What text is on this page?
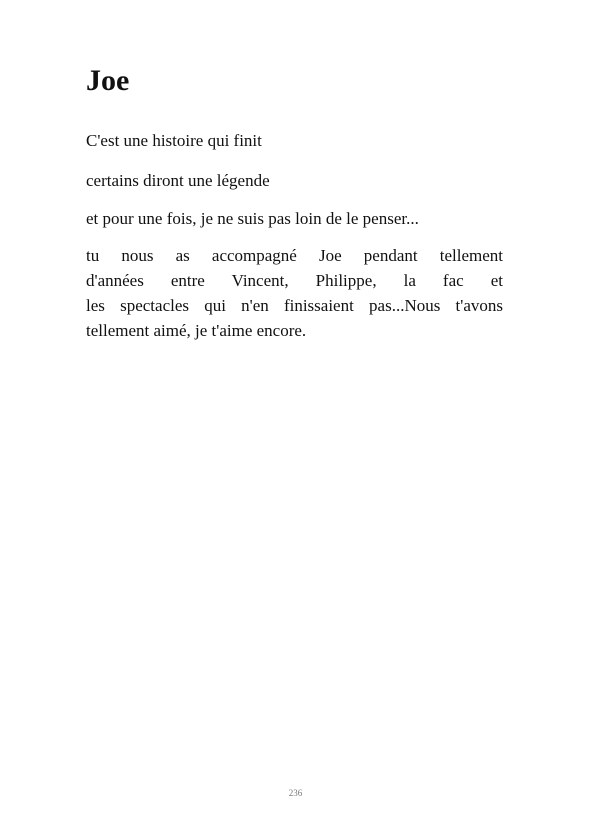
Joe

C'est une histoire qui finit

certains diront une légende

et pour une fois, je ne suis pas loin de le penser...

tu nous as accompagné Joe pendant tellement
d'années entre Vincent, Philippe, la fac et
les spectacles qui n'en finissaient pas...Nous t'avons
tellement aimé, je t'aime encore.

236
